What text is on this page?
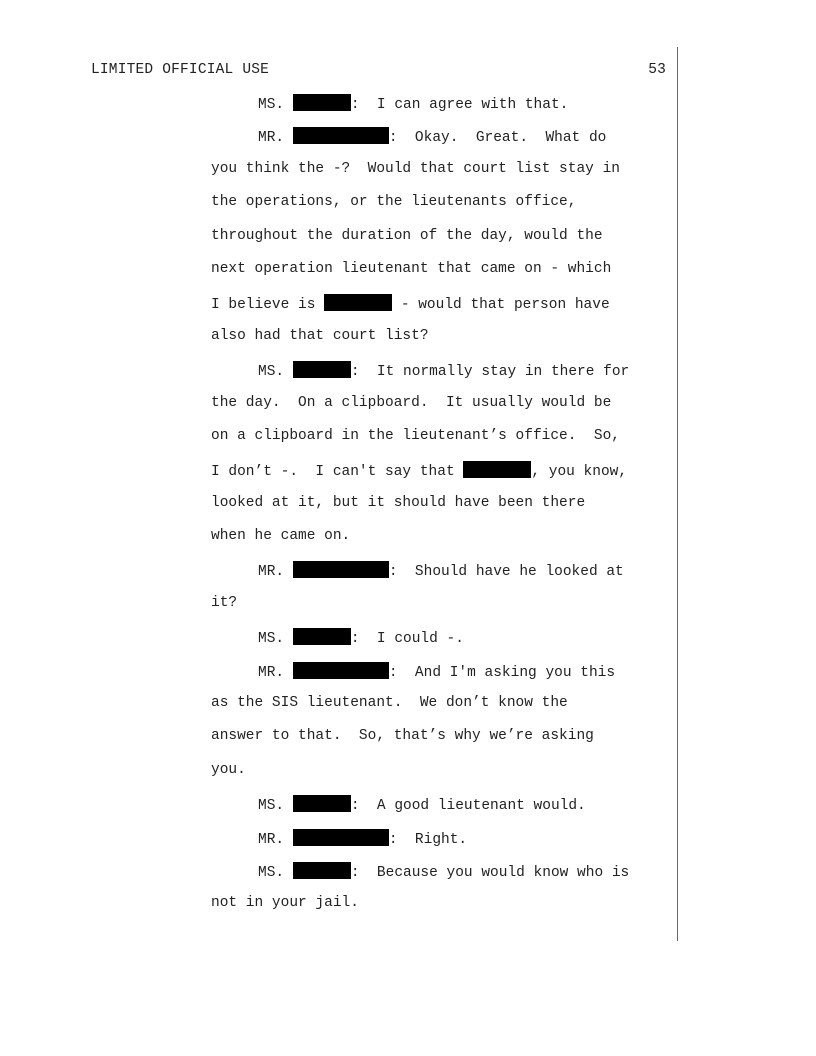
LIMITED OFFICIAL USE	53

MS.	:  I can agree with that.

MR.	:  Okay.  Great.  What do

you think the -?  Would that court list stay in

the operations, or the lieutenants office,

throughout the duration of the day, would the

next operation lieutenant that came on - which

I believe is	- would that person have

also had that court list?

MS.	:  It normally stay in there for

the day.  On a clipboard.  It usually would be

on a clipboard in the lieutenant’s office.  So,

I don’t -.  I can't say that	, you know,

looked at it, but it should have been there

when he came on.

MR.	:  Should have he looked at

it?

MS.	:  I could -.

MR.	:  And I'm asking you this

as the SIS lieutenant.  We don’t know the

answer to that.  So, that’s why we’re asking

you.

MS.	:  A good lieutenant would.

MR.	:  Right.

MS.	:  Because you would know who is

not in your jail.
